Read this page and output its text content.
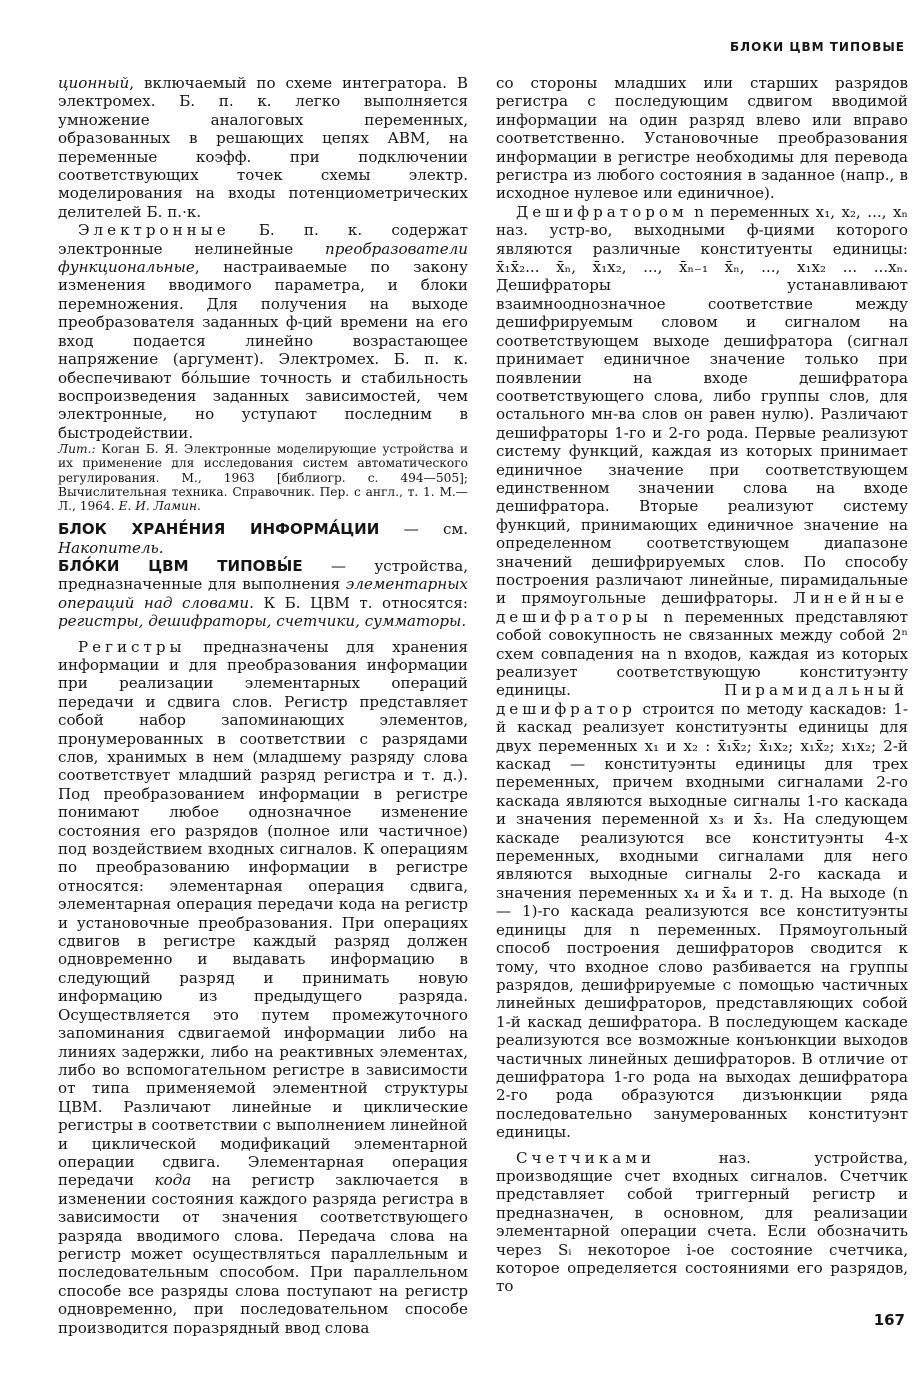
БЛОКИ ЦВМ ТИПОВЫЕ

ционный, включаемый по схеме интегратора. В электромех. Б. п. к. легко выполняется умножение аналоговых переменных, образованных в решающих цепях АВМ, на переменные коэфф. при подключении соответствующих точек схемы электр. моделирования на входы потенциометрических делителей Б. п.·к.

Электронные Б. п. к. содержат электронные нелинейные преобразователи функциональные, настраиваемые по закону изменения вводимого параметра, и блоки перемножения. Для получения на выходе преобразователя заданных ф-ций времени на его вход подается линейно возрастающее напряжение (аргумент). Электромех. Б. п. к. обеспечивают бо́льшие точность и стабильность воспроизведения заданных зависимостей, чем электронные, но уступают последним в быстродействии.

Лит.: Коган Б. Я. Электронные моделирующие устройства и их применение для исследования систем автоматического регулирования. М., 1963 [библиогр. с. 494—505]; Вычислительная техника. Справочник. Пер. с англ., т. 1. М.— Л., 1964. Е. И. Ламин.

БЛОК ХРАНЕ́НИЯ ИНФОРМА́ЦИИ — см. Накопитель.

БЛО́КИ ЦВМ ТИПОВЫ́Е — устройства, предназначенные для выполнения элементарных операций над словами. К Б. ЦВМ т. относятся: регистры, дешифраторы, счетчики, сумматоры.

Регистры предназначены для хранения информации и для преобразования информации при реализации элементарных операций передачи и сдвига слов. Регистр представляет собой набор запоминающих элементов, пронумерованных в соответствии с разрядами слов, хранимых в нем (младшему разряду слова соответствует младший разряд регистра и т. д.). Под преобразованием информации в регистре понимают любое однозначное изменение состояния его разрядов (полное или частичное) под воздействием входных сигналов. К операциям по преобразованию информации в регистре относятся: элементарная операция сдвига, элементарная операция передачи кода на регистр и установочные преобразования. При операциях сдвигов в регистре каждый разряд должен одновременно и выдавать информацию в следующий разряд и принимать новую информацию из предыдущего разряда. Осуществляется это путем промежуточного запоминания сдвигаемой информации либо на линиях задержки, либо на реактивных элементах, либо во вспомогательном регистре в зависимости от типа применяемой элементной структуры ЦВМ. Различают линейные и циклические регистры в соответствии с выполнением линейной и циклической модификаций элементарной операции сдвига. Элементарная операция передачи кода на регистр заключается в изменении состояния каждого разряда регистра в зависимости от значения соответствующего разряда вводимого слова. Передача слова на регистр может осуществляться параллельным и последовательным способом. При параллельном способе все разряды слова поступают на регистр одновременно, при последовательном способе производится поразрядный ввод слова

со стороны младших или старших разрядов регистра с последующим сдвигом вводимой информации на один разряд влево или вправо соответственно. Установочные преобразования информации в регистре необходимы для перевода регистра из любого состояния в заданное (напр., в исходное нулевое или единичное).

Дешифратором n переменных x₁, x₂, ..., xₙ наз. устр-во, выходными ф-циями которого являются различные конституенты единицы: x̄₁x̄₂... x̄ₙ, x̄₁x₂, ..., x̄ₙ₋₁ x̄ₙ, ..., x₁x₂ ... ...xₙ. Дешифраторы устанавливают взаимнооднозначное соответствие между дешифрируемым словом и сигналом на соответствующем выходе дешифратора (сигнал принимает единичное значение только при появлении на входе дешифратора соответствующего слова, либо группы слов, для остального мн-ва слов он равен нулю). Различают дешифраторы 1-го и 2-го рода. Первые реализуют систему функций, каждая из которых принимает единичное значение при соответствующем единственном значении слова на входе дешифратора. Вторые реализуют систему функций, принимающих единичное значение на определенном соответствующем диапазоне значений дешифрируемых слов. По способу построения различают линейные, пирамидальные и прямоугольные дешифраторы. Линейные дешифраторы n переменных представляют собой совокупность не связанных между собой 2ⁿ схем совпадения на n входов, каждая из которых реализует соответствующую конституэнту единицы. Пирамидальный дешифратор строится по методу каскадов: 1-й каскад реализует конституэнты единицы для двух переменных x₁ и x₂ : x̄₁x̄₂; x̄₁x₂; x₁x̄₂; x₁x₂; 2-й каскад — конституэнты единицы для трех переменных, причем входными сигналами 2-го каскада являются выходные сигналы 1-го каскада и значения переменной x₃ и x̄₃. На следующем каскаде реализуются все конституэнты 4-х переменных, входными сигналами для него являются выходные сигналы 2-го каскада и значения переменных x₄ и x̄₄ и т. д. На выходе (n — 1)-го каскада реализуются все конституэнты единицы для n переменных. Прямоугольный способ построения дешифраторов сводится к тому, что входное слово разбивается на группы разрядов, дешифрируемые с помощью частичных линейных дешифраторов, представляющих собой 1-й каскад дешифратора. В последующем каскаде реализуются все возможные конъюнкции выходов частичных линейных дешифраторов. В отличие от дешифратора 1-го рода на выходах дешифратора 2-го рода образуются дизъюнкции ряда последовательно занумерованных конституэнт единицы.

Счетчиками наз. устройства, производящие счет входных сигналов. Счетчик представляет собой триггерный регистр и предназначен, в основном, для реализации элементарной операции счета. Если обозначить через Sᵢ некоторое i-ое состояние счетчика, которое определяется состояниями его разрядов, то

167
